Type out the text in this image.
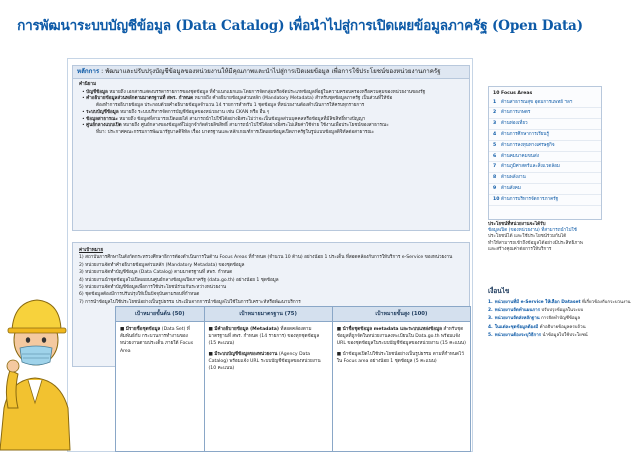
การพัฒนาระบบบัญชีข้อมูล (Data Catalog) เพื่อนำไปสู่การเปิดเผยข้อมูลภาครัฐ (Open Data)
หลักการ : พัฒนาและปรับปรุงบัญชีข้อมูลของหน่วยงานให้มีคุณภาพและนำไปสู่การเปิดเผยข้อมูล เพื่อการใช้ประโยชน์ของหน่วยงานภาครัฐ
คำนิยาม
• บัญชีข้อมูล หมายถึง เอกสารแสดงบรรดารายการของชุดข้อมูล ที่จำแนกแยกแยะโดยการจัดกลุ่มหรือจัดประเภทข้อมูลที่อยู่ในความครอบครองหรือควบคุมของหน่วยงานของรัฐ
• คำอธิบายข้อมูลส่วนหลักตามมาตรฐานที่ สพร. กำหนด หมายถึง คำอธิบายข้อมูลส่วนหลัก (Mandatory Metadata) สำหรับชุดข้อมูลภาครัฐ เป็นส่วนที่ให้ข้อ
ต้องทำการอธิบายข้อมูล ประกอบด้วยคำอธิบายข้อมูลจำนวน 14 รายการสำหรับ 1 ชุดข้อมูล ที่หน่วยงานต้องดำเนินการให้ครบทุกรายการ
• ระบบบัญชีข้อมูล หมายถึง ระบบบริหารจัดการบัญชีข้อมูลของหน่วยงาน เช่น CKAN หรือ อื่น ๆ
• ข้อมูลสาธารณะ หมายถึง ข้อมูลที่สามารถเปิดเผยได้ สามารถนำไปใช้ได้อย่างอิสระไม่ว่าจะเป็นข้อมูลส่วนบุคคลหรือข้อมูลที่มีลิขสิทธิ์ทางปัญญา
• ศูนย์กลางแบบเปิด หมายถึง ศูนย์กลางของข้อมูลที่ไม่ถูกจำกัดด้วยลิขสิทธิ์ สามารถนำไปใช้ได้อย่างอิสระไม่เสียค่าใช้จ่าย ใช้งานเพื่อประโยชน์ของสาธารณะ
ที่มา: ประกาศคณะกรรมการพัฒนารัฐบาลดิจิทัล เรื่อง มาตรฐานและหลักเกณฑ์การเปิดเผยข้อมูลเปิดภาครัฐในรูปแบบข้อมูลดิจิทัลต่อสาธารณะ
ค่าเป้าหมาย
1) สถาบันการศึกษาในสังกัดกระทรวงศึกษาธิการต้องดำเนินการในด้าน Focus Areas ที่กำหนด (จำนวน 10 ด้าน) อย่างน้อย 1 ประเด็น ที่สอดคล้องกับการให้บริการ e-Service ของหน่วยงาน
2) หน่วยงานจัดทำคำอธิบายข้อมูลส่วนหลัก (Mandatory Metadata) ของชุดข้อมูล
3) หน่วยงานจัดทำบัญชีข้อมูล (Data Catalog) ตามมาตรฐานที่ สพร. กำหนด
4) หน่วยงานนำชุดข้อมูลไปเปิดเผยบนศูนย์กลางข้อมูลเปิดภาครัฐ (data.go.th) อย่างน้อย 1 ชุดข้อมูล
5) หน่วยงานจัดทำบัญชีข้อมูลเพื่อการใช้ประโยชน์ร่วมกันระหว่างหน่วยงาน
6) ชุดข้อมูลต้องมีการปรับปรุงให้เป็นปัจจุบันตามรอบที่กำหนด
7) การนำข้อมูลไปใช้ประโยชน์อย่างเป็นรูปธรรม ประเมินจากการนำข้อมูลไปใช้ในการวิเคราะห์หรือพัฒนาบริการ
เป้าหมายขั้นต้น (50)
■ มีรายชื่อชุดข้อมูล (Data Set) ที่สัมพันธ์กับ กระบวนการทำงานของ หน่วยงานตามประเด็น ภายใต้ Focus Area
เป้าหมายมาตรฐาน (75)
■ มีคำอธิบายข้อมูล (Metadata) ที่สอดคล้องตามมาตรฐานที่ สพร. กำหนด (14 รายการ) ของทุกชุดข้อมูล (15 คะแนน)
■ มีระบบบัญชีข้อมูลของหน่วยงาน (Agency Data Catalog) พร้อมแจ้ง URL ระบบบัญชีข้อมูลของหน่วยงาน (10 คะแนน)
เป้าหมายขั้นสูง (100)
■ นำชื่อชุดข้อมูล metadata และระบบแหล่งข้อมูล สำหรับชุดข้อมูลที่ถูกจัดในหน่วยงานลงทะเบียนใน Data.go.th พร้อมแจ้ง URL ของชุดข้อมูลในระบบบัญชีข้อมูลของหน่วยงาน (15 คะแนน)
■ นำข้อมูลเปิดไปใช้ประโยชน์อย่างเป็นรูปธรรม ตามที่กำหนดไว้ใน Focus area อย่างน้อย 1 ชุดข้อมูล (5 คะแนน)
10 Focus Areas
1	ด้านสาธารณสุข อุดมการแพทย์ ฯลฯ
2	ด้านการเกษตร
3	ด้านท่องเที่ยว
4	ด้านการศึกษาการเรียนรู้
5	ด้านการลงทุนทางเศรษฐกิจ
6	ด้านคมนาคมขนส่ง
7	ด้านภูมิศาสตร์และสิ่งแวดล้อม
8	ด้านพลังงาน
9	ด้านสังคม
10 ด้านการบริหารจัดการภาครัฐ
ประโยชน์ที่หน่วยงานจะได้รับ
ข้อมูลเปิด (ของหน่วยงาน) ที่สามารถนำไปใช้
ประโยชน์ได้ และใช้ประโยชน์ร่วมกันได้
ทำให้สามารถเข้าถึงข้อมูลได้อย่างมีประสิทธิภาพ
และสร้างคุณค่าต่อการให้บริการ
เงื่อนไข
1. หน่วยงานที่มี e-Service ให้เลือก Dataset ที่เกี่ยวข้องกับกระบวนงาน
2. หน่วยงานจัดทำแผนการ ปรับปรุงข้อมูลในระบบ
3. หน่วยงานจัดส่งหลักฐาน การจัดทำบัญชีข้อมูล
4. ในแต่ละชุดข้อมูลต้องมี คำอธิบายข้อมูลครบถ้วน
5. หน่วยงานต้องระบุวิธีการ นำข้อมูลไปใช้ประโยชน์
